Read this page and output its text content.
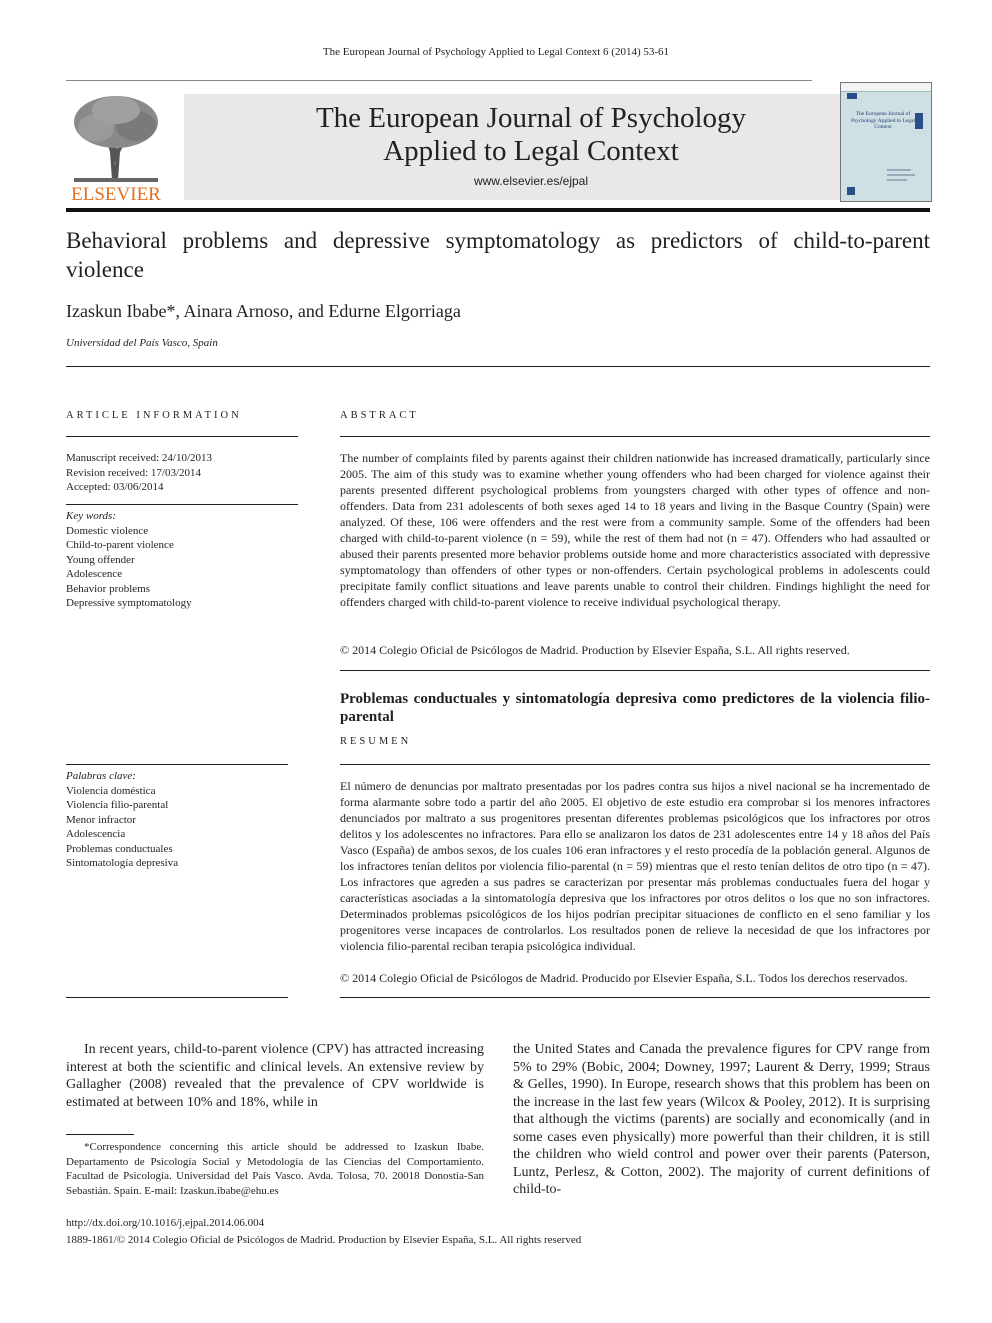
The European Journal of Psychology Applied to Legal Context 6 (2014) 53-61
ELSEVIER
The European Journal of Psychology
Applied to Legal Context
www.elsevier.es/ejpal
The European Journal of Psychology Applied to Legal Context
Behavioral problems and depressive symptomatology as predictors of child-to-parent violence
Izaskun Ibabe*, Ainara Arnoso, and Edurne Elgorriaga
Universidad del País Vasco, Spain
ARTICLE INFORMATION
Manuscript received: 24/10/2013
Revision received: 17/03/2014
Accepted: 03/06/2014
Key words:
Domestic violence
Child-to-parent violence
Young offender
Adolescence
Behavior problems
Depressive symptomatology
Palabras clave:
Violencia doméstica
Violencia filio-parental
Menor infractor
Adolescencia
Problemas conductuales
Sintomatología depresiva
ABSTRACT
The number of complaints filed by parents against their children nationwide has increased dramatically, particularly since 2005. The aim of this study was to examine whether young offenders who had been charged for violence against their parents presented different psychological problems from youngsters charged with other types of offence and non-offenders. Data from 231 adolescents of both sexes aged 14 to 18 years and living in the Basque Country (Spain) were analyzed. Of these, 106 were offenders and the rest were from a community sample. Some of the offenders had been charged with child-to-parent violence (n = 59), while the rest of them had not (n = 47). Offenders who had assaulted or abused their parents presented more behavior problems outside home and more characteristics associated with depressive symptomatology than offenders of other types or non-offenders. Certain psychological problems in adolescents could precipitate family conflict situations and leave parents unable to control their children. Findings highlight the need for offenders charged with child-to-parent violence to receive individual psychological therapy.
© 2014 Colegio Oficial de Psicólogos de Madrid. Production by Elsevier España, S.L. All rights reserved.
Problemas conductuales y sintomatología depresiva como predictores de la violencia filio-parental
RESUMEN
El número de denuncias por maltrato presentadas por los padres contra sus hijos a nivel nacional se ha incrementado de forma alarmante sobre todo a partir del año 2005. El objetivo de este estudio era comprobar si los menores infractores denunciados por maltrato a sus progenitores presentan diferentes problemas psicológicos que los infractores por otros delitos y los adolescentes no infractores. Para ello se analizaron los datos de 231 adolescentes entre 14 y 18 años del País Vasco (España) de ambos sexos, de los cuales 106 eran infractores y el resto procedía de la población general. Algunos de los infractores tenían delitos por violencia filio-parental (n = 59) mientras que el resto tenían delitos de otro tipo (n = 47). Los infractores que agreden a sus padres se caracterizan por presentar más problemas conductuales fuera del hogar y características asociadas a la sintomatología depresiva que los infractores por otros delitos o los que no son infractores. Determinados problemas psicológicos de los hijos podrían precipitar situaciones de conflicto en el seno familiar y los progenitores verse incapaces de controlarlos. Los resultados ponen de relieve la necesidad de que los infractores por violencia filio-parental reciban terapia psicológica individual.
© 2014 Colegio Oficial de Psicólogos de Madrid. Producido por Elsevier España, S.L. Todos los derechos reservados.
In recent years, child-to-parent violence (CPV) has attracted increasing interest at both the scientific and clinical levels. An extensive review by Gallagher (2008) revealed that the prevalence of CPV worldwide is estimated at between 10% and 18%, while in
the United States and Canada the prevalence figures for CPV range from 5% to 29% (Bobic, 2004; Downey, 1997; Laurent & Derry, 1999; Straus & Gelles, 1990). In Europe, research shows that this problem has been on the increase in the last few years (Wilcox & Pooley, 2012). It is surprising that although the victims (parents) are socially and economically (and in some cases even physically) more powerful than their children, it is still the children who wield control and power over their parents (Paterson, Luntz, Perlesz, & Cotton, 2002). The majority of current definitions of child-to-
*Correspondence concerning this article should be addressed to Izaskun Ibabe. Departamento de Psicología Social y Metodología de las Ciencias del Comportamiento. Facultad de Psicología. Universidad del País Vasco. Avda. Tolosa, 70. 20018 Donostia-San Sebastián. Spain. E-mail: Izaskun.ibabe@ehu.es
http://dx.doi.org/10.1016/j.ejpal.2014.06.004
1889-1861/© 2014 Colegio Oficial de Psicólogos de Madrid. Production by Elsevier España, S.L. All rights reserved
